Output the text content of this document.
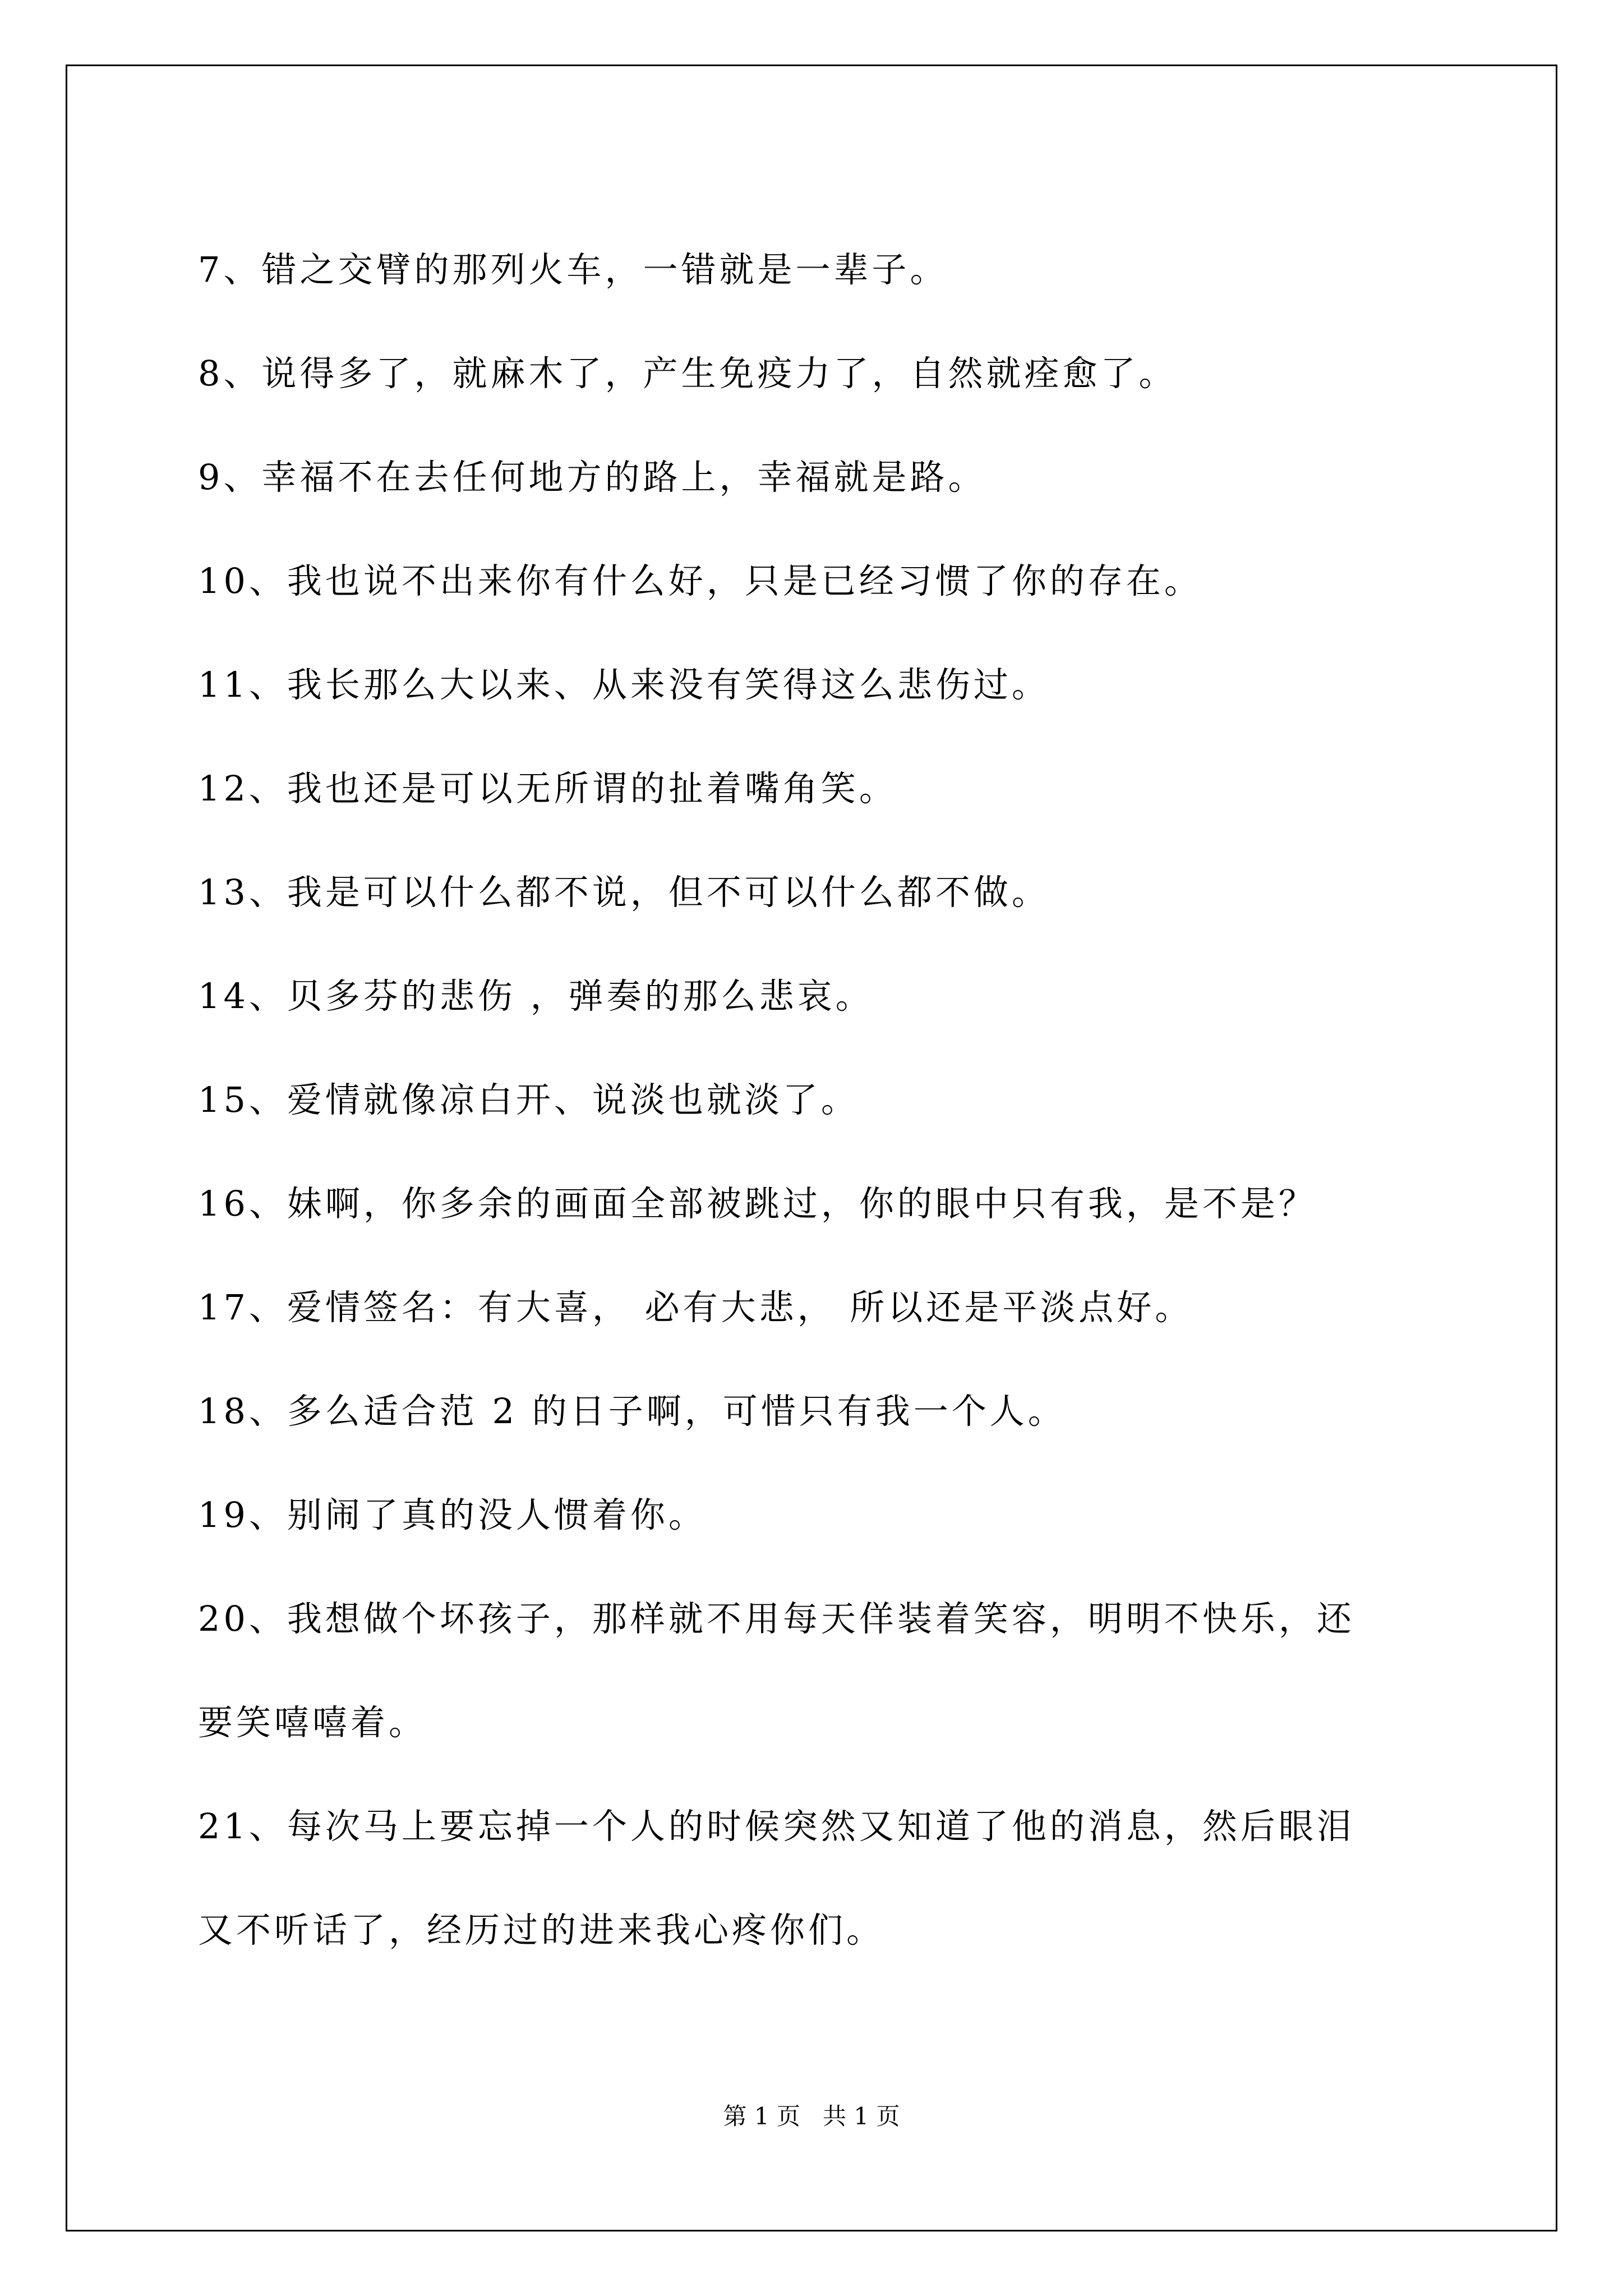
7、错之交臂的那列火车，一错就是一辈子。
8、说得多了，就麻木了，产生免疫力了，自然就痊愈了。
9、幸福不在去任何地方的路上，幸福就是路。
10、我也说不出来你有什么好，只是已经习惯了你的存在。
11、我长那么大以来、从来没有笑得这么悲伤过。
12、我也还是可以无所谓的扯着嘴角笑。
13、我是可以什么都不说，但不可以什么都不做。
14、贝多芬的悲伤 ，弹奏的那么悲哀。
15、爱情就像凉白开、说淡也就淡了。
16、妹啊，你多余的画面全部被跳过，你的眼中只有我，是不是？
17、爱情签名：有大喜， 必有大悲， 所以还是平淡点好。
18、多么适合范 2 的日子啊，可惜只有我一个人。
19、别闹了真的没人惯着你。
20、我想做个坏孩子，那样就不用每天佯装着笑容，明明不快乐，还
要笑嘻嘻着。
21、每次马上要忘掉一个人的时候突然又知道了他的消息，然后眼泪
又不听话了，经历过的进来我心疼你们。
第 1 页   共 1 页
